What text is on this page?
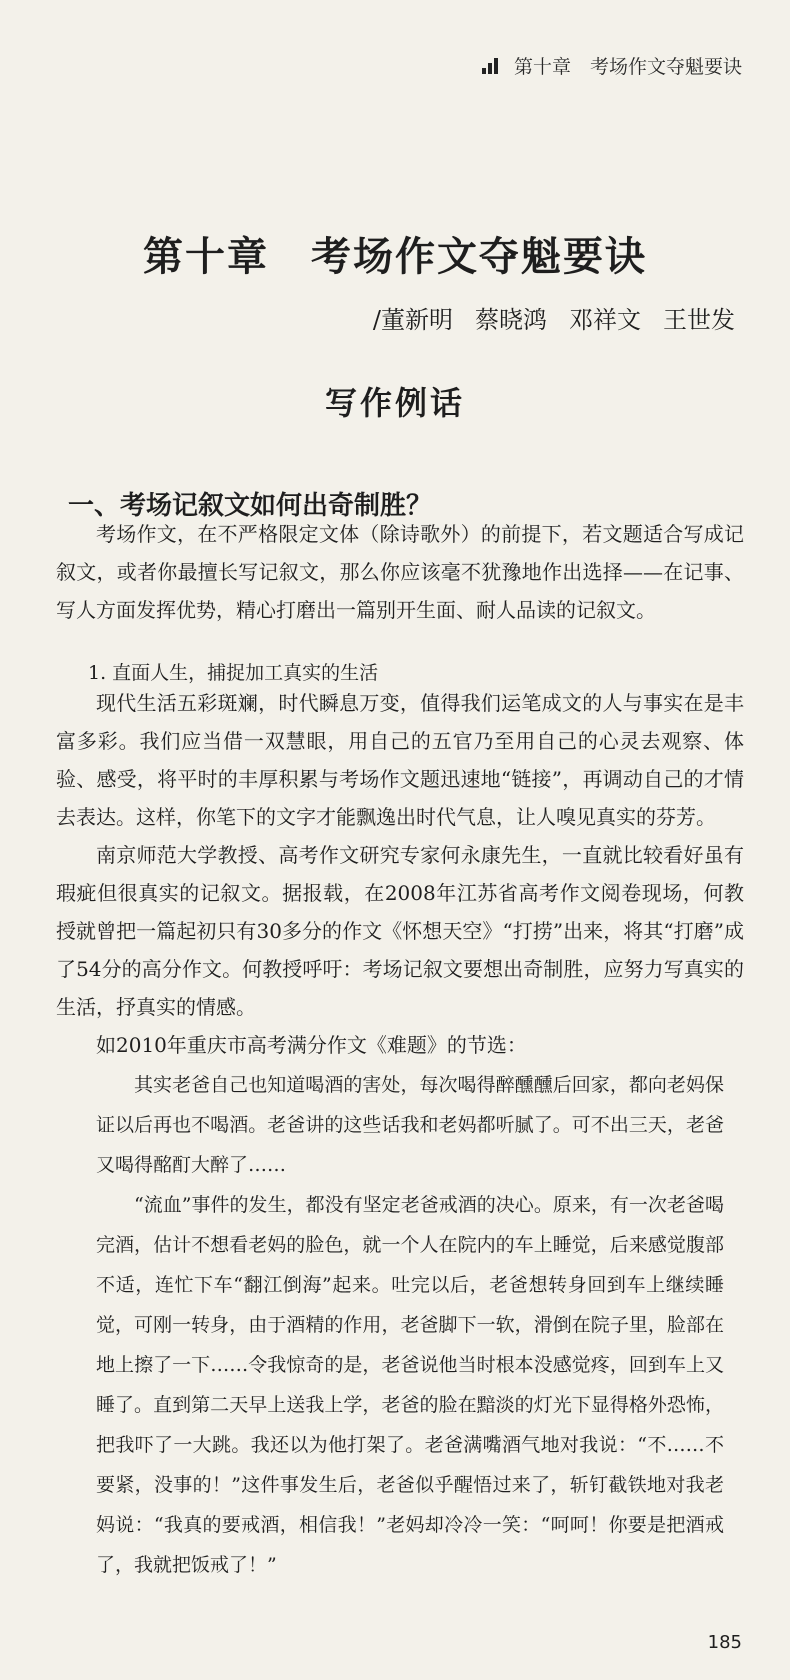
第十章　考场作文夺魁要诀
第十章 考场作文夺魁要诀
/董新明 蔡晓鸿 邓祥文 王世发
写作例话
一、考场记叙文如何出奇制胜？

考场作文，在不严格限定文体（除诗歌外）的前提下，若文题适合写成记叙文，或者你最擅长写记叙文，那么你应该毫不犹豫地作出选择——在记事、写人方面发挥优势，精心打磨出一篇别开生面、耐人品读的记叙文。

1. 直面人生，捕捉加工真实的生活

现代生活五彩斑斓，时代瞬息万变，值得我们运笔成文的人与事实在是丰富多彩。我们应当借一双慧眼，用自己的五官乃至用自己的心灵去观察、体验、感受，将平时的丰厚积累与考场作文题迅速地“链接”，再调动自己的才情去表达。这样，你笔下的文字才能飘逸出时代气息，让人嗅见真实的芬芳。

南京师范大学教授、高考作文研究专家何永康先生，一直就比较看好虽有瑕疵但很真实的记叙文。据报载，在2008年江苏省高考作文阅卷现场，何教授就曾把一篇起初只有30多分的作文《怀想天空》“打捞”出来，将其“打磨”成了54分的高分作文。何教授呼吁：考场记叙文要想出奇制胜，应努力写真实的生活，抒真实的情感。

如2010年重庆市高考满分作文《难题》的节选：

其实老爸自己也知道喝酒的害处，每次喝得醉醺醺后回家，都向老妈保证以后再也不喝酒。老爸讲的这些话我和老妈都听腻了。可不出三天，老爸又喝得酩酊大醉了……

“流血”事件的发生，都没有坚定老爸戒酒的决心。原来，有一次老爸喝完酒，估计不想看老妈的脸色，就一个人在院内的车上睡觉，后来感觉腹部不适，连忙下车“翻江倒海”起来。吐完以后，老爸想转身回到车上继续睡觉，可刚一转身，由于酒精的作用，老爸脚下一软，滑倒在院子里，脸部在地上擦了一下……令我惊奇的是，老爸说他当时根本没感觉疼，回到车上又睡了。直到第二天早上送我上学，老爸的脸在黯淡的灯光下显得格外恐怖，把我吓了一大跳。我还以为他打架了。老爸满嘴酒气地对我说：“不……不要紧，没事的！”这件事发生后，老爸似乎醒悟过来了，斩钉截铁地对我老妈说：“我真的要戒酒，相信我！”老妈却冷冷一笑：“呵呵！你要是把酒戒了，我就把饭戒了！”

185
